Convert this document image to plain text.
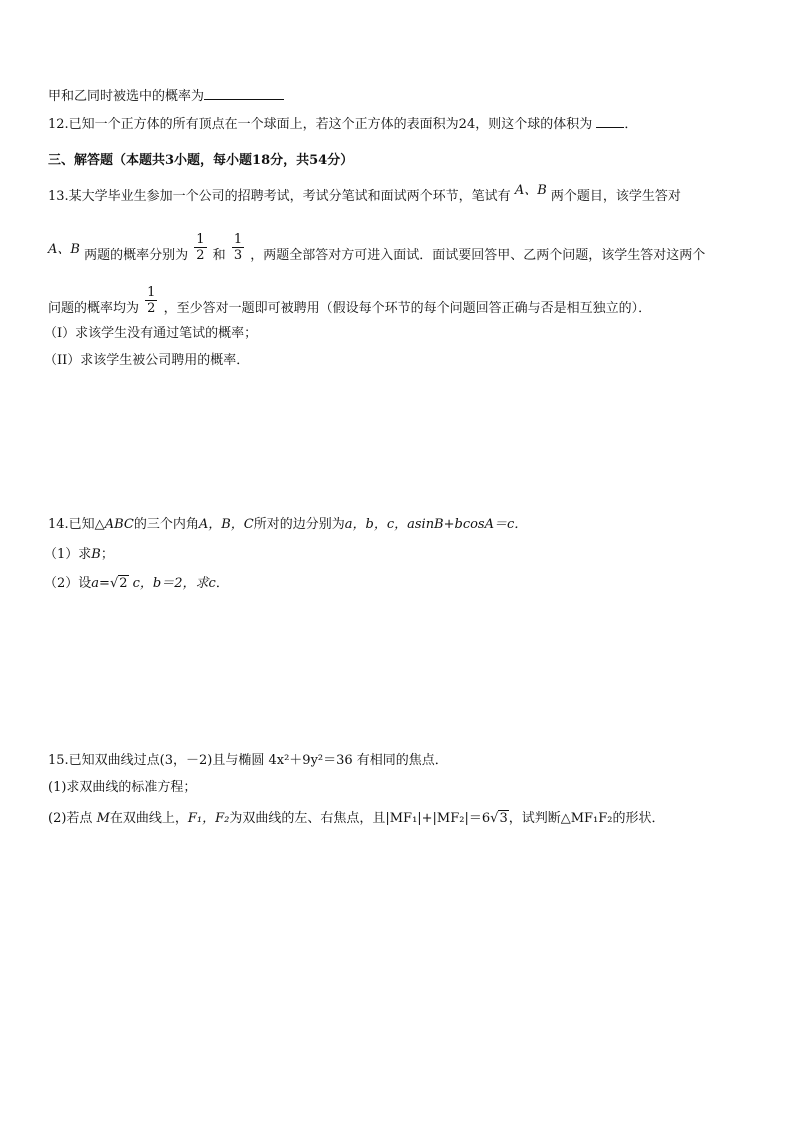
甲和乙同时被选中的概率为
12.已知一个正方体的所有顶点在一个球面上，若这个正方体的表面积为24，则这个球的体积为 ．
三、解答题（本题共3小题，每小题18分，共54分）
13.某大学毕业生参加一个公司的招聘考试，考试分笔试和面试两个环节，笔试有 A、B 两个题目，该学生答对
A、B 两题的概率分别为 $\frac{1}{2}$ 和 $\frac{1}{3}$ ，两题全部答对方可进入面试．面试要回答甲、乙两个问题，该学生答对这两个
问题的概率均为 $\frac{1}{2}$ ，至少答对一题即可被聘用（假设每个环节的每个问题回答正确与否是相互独立的）．
（I）求该学生没有通过笔试的概率；
（II）求该学生被公司聘用的概率．
14.已知△ABC的三个内角A，B，C所对的边分别为a，b，c，asinB+bcosA＝c．
（1）求B；
（2）设a=√2 c，b＝2，求c．
15.已知双曲线过点(3，－2)且与椭圆 4x²＋9y²＝36 有相同的焦点．
(1)求双曲线的标准方程；
(2)若点 M在双曲线上，F₁，F₂为双曲线的左、右焦点，且|MF₁|+|MF₂|＝6√3，试判断△MF₁F₂的形状．
